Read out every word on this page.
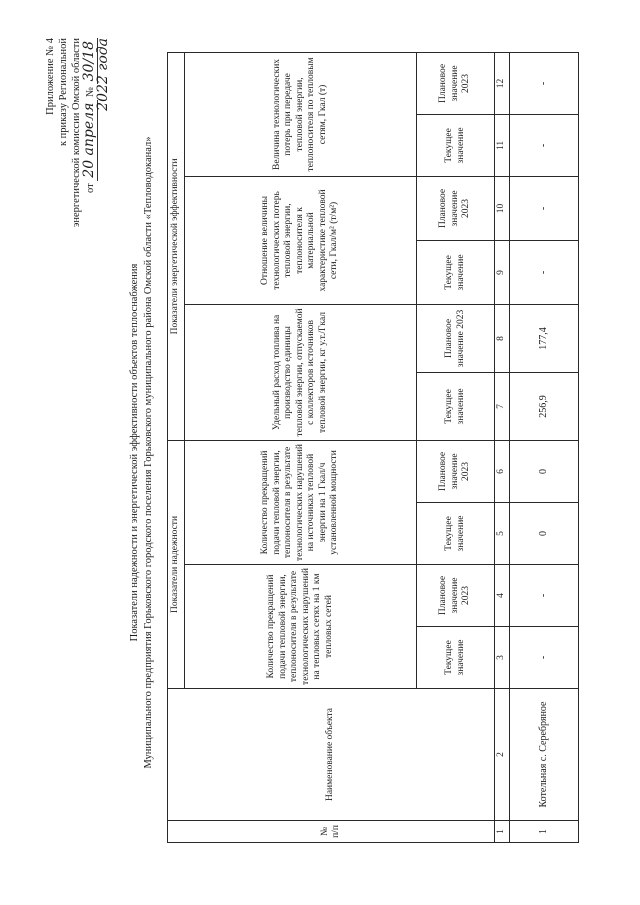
Приложение № 4 к приказу Региональной энергетической комиссии Омской области от 20 апреля № 30/18
2022 года
Показатели надежности и энергетической эффективности объектов теплоснабжения Муниципального предприятия Горьковского городского поселения Горьковского муниципального района Омской области «Тепловодоканал»
№ п/п	Наименование объекта	Показатели надежности				Показатели энергетической эффективности					
		Количество прекращений подачи тепловой энергии, теплоносителя в результате технологических нарушений на тепловых сетях на 1 км тепловых сетей		Количество прекращений подачи тепловой энергии, теплоносителя в результате технологических нарушений на источниках тепловой энергии на 1 Гкал/ч установленной мощности		Удельный расход топлива на производство единицы тепловой энергии, отпускаемой с коллекторов источников тепловой энергии, кг у.т./Гкал		Отношение величины технологических потерь тепловой энергии, теплоносителя к материальной характеристике тепловой сети, Гкал/м² (т/м²)		Величина технологических потерь при передаче тепловой энергии, теплоносителя по тепловым сетям, Гкал (т)	
		Текущее значение	Плановое значение 2023	Текущее значение	Плановое значение 2023	Текущее значение	Плановое значение 2023	Текущее значение	Плановое значение 2023	Текущее значение	Плановое значение 2023
1	2	3	4	5	6	7	8	9	10	11	12
1	Котельная с. Серебряное	-	-	0	0	256,9	177,4	-	-	-	-
